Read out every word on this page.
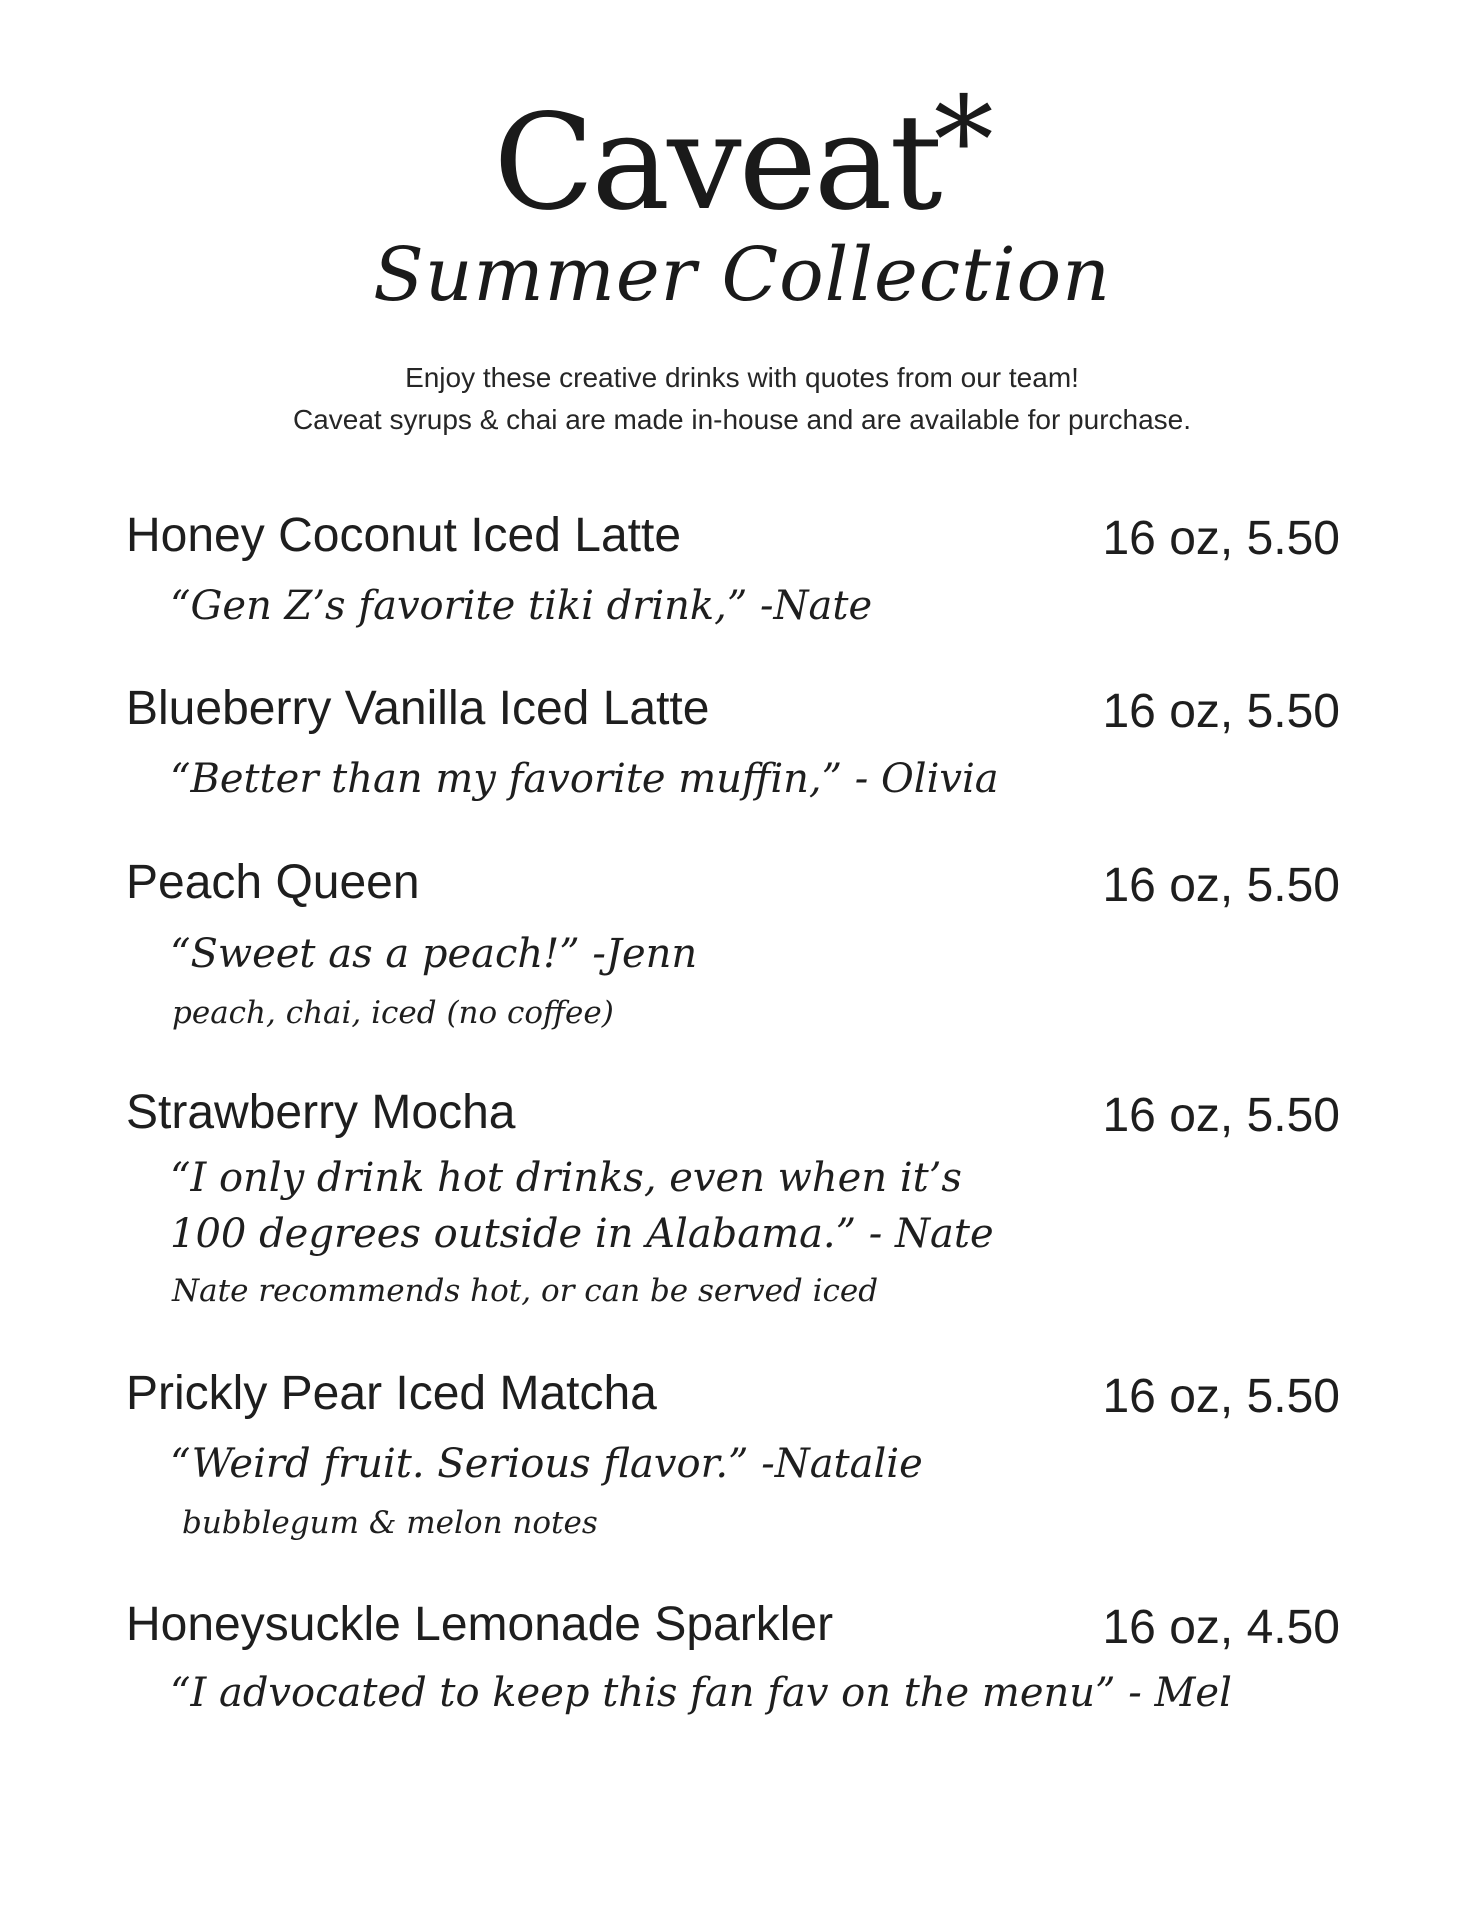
Caveat*
Summer Collection
Enjoy these creative drinks with quotes from our team!
Caveat syrups & chai are made in-house and are available for purchase.
Honey Coconut Iced Latte	16 oz, 5.50
“Gen Z’s favorite tiki drink,” -Nate
Blueberry Vanilla Iced Latte	16 oz, 5.50
“Better than my favorite muffin,” - Olivia
Peach Queen	16 oz, 5.50
“Sweet as a peach!” -Jenn
peach, chai, iced (no coffee)
Strawberry Mocha	16 oz, 5.50
“I only drink hot drinks, even when it’s
100 degrees outside in Alabama.” - Nate
Nate recommends hot, or can be served iced
Prickly Pear Iced Matcha	16 oz, 5.50
“Weird fruit. Serious flavor.” -Natalie
bubblegum & melon notes
Honeysuckle Lemonade Sparkler	16 oz, 4.50
“I advocated to keep this fan fav on the menu” - Mel
